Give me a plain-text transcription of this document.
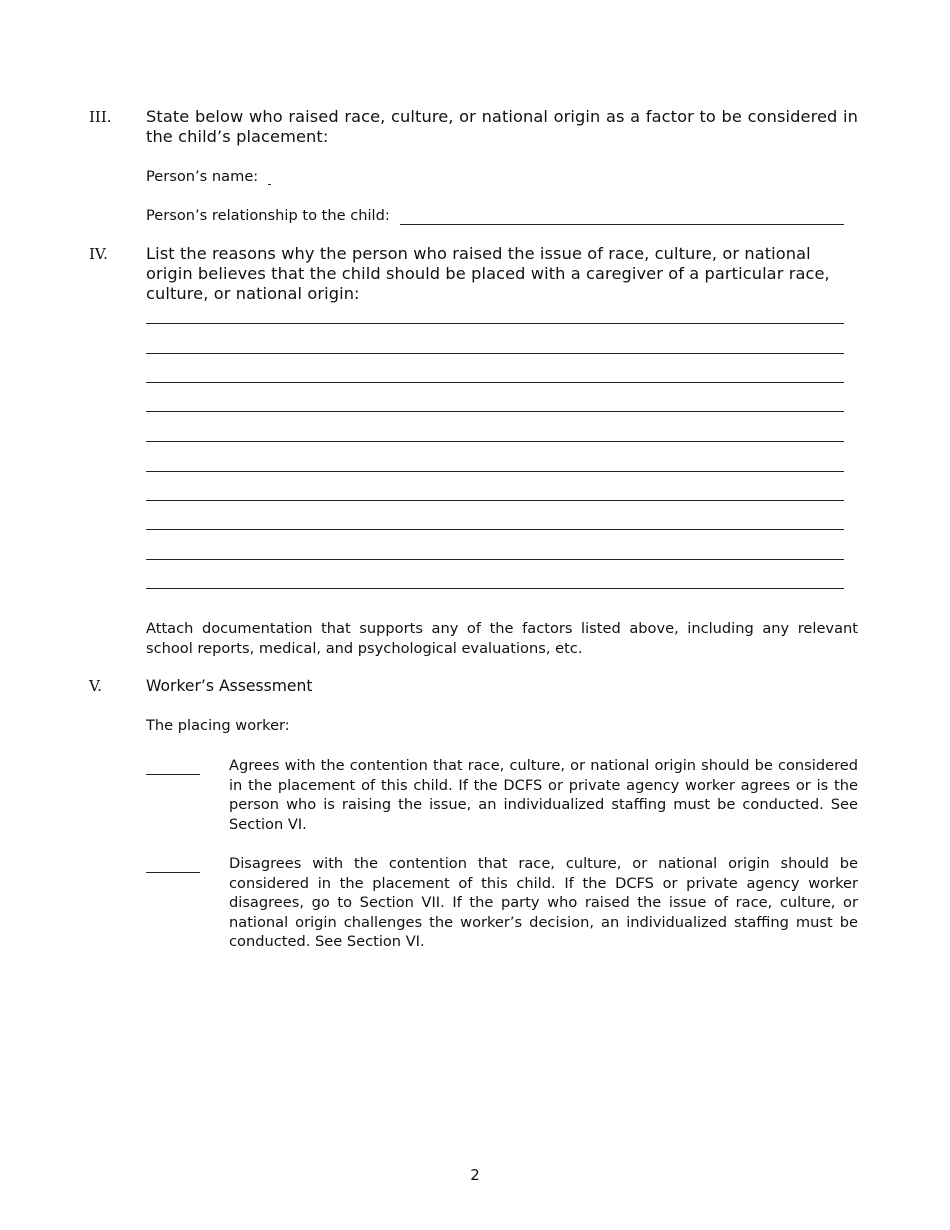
III. State below who raised race, culture, or national origin as a factor to be considered in the child’s placement:
Person’s name:
Person’s relationship to the child:
IV. List the reasons why the person who raised the issue of race, culture, or national origin believes that the child should be placed with a caregiver of a particular race, culture, or national origin:
Attach documentation that supports any of the factors listed above, including any relevant school reports, medical, and psychological evaluations, etc.
V.	Worker’s Assessment
The placing worker:
Agrees with the contention that race, culture, or national origin should be considered in the placement of this child. If the DCFS or private agency worker agrees or is the person who is raising the issue, an individualized staffing must be conducted. See Section VI.
Disagrees with the contention that race, culture, or national origin should be considered in the placement of this child. If the DCFS or private agency worker disagrees, go to Section VII. If the party who raised the issue of race, culture, or national origin challenges the worker’s decision, an individualized staffing must be conducted. See Section VI.
2
